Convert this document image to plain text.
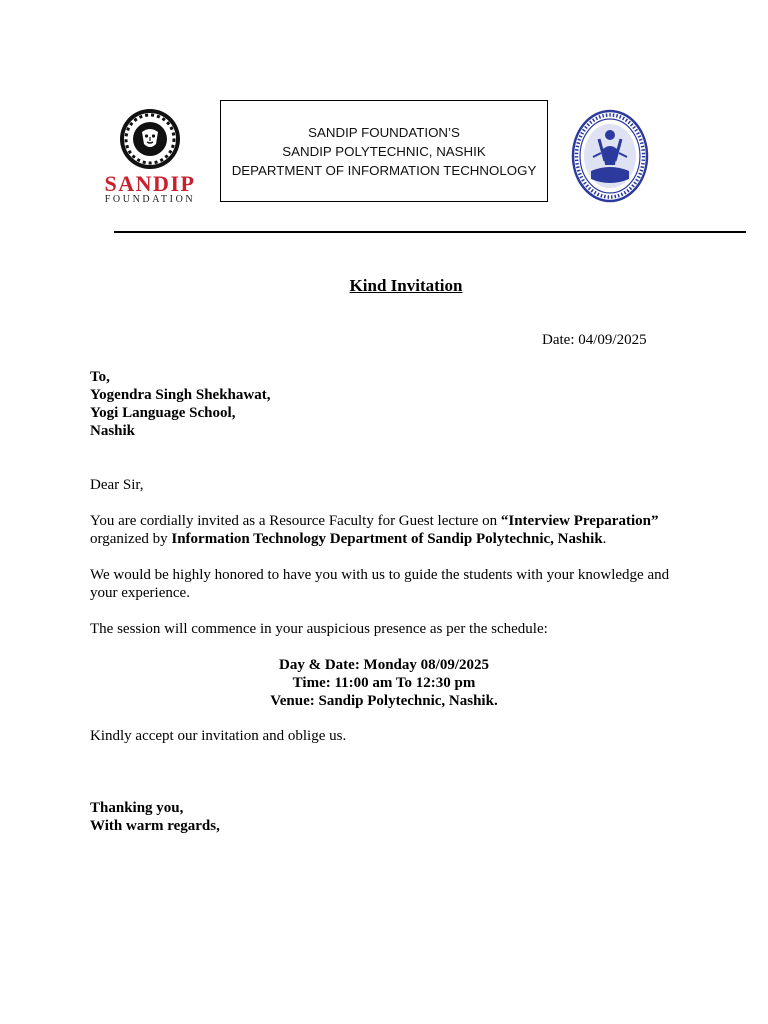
SANDIP
FOUNDATION
SANDIP FOUNDATION’S
SANDIP POLYTECHNIC, NASHIK
DEPARTMENT OF INFORMATION TECHNOLOGY
Kind Invitation
Date: 04/09/2025
To,
Yogendra Singh Shekhawat,
Yogi Language School,
Nashik
Dear Sir,
You are cordially invited as a Resource Faculty for Guest lecture on “Interview Preparation”
organized by Information Technology Department of Sandip Polytechnic, Nashik.
We would be highly honored to have you with us to guide the students with your knowledge and
your experience.
The session will commence in your auspicious presence as per the schedule:
Day & Date: Monday 08/09/2025
Time: 11:00 am To 12:30 pm
Venue: Sandip Polytechnic, Nashik.
Kindly accept our invitation and oblige us.
Thanking you,
With warm regards,
